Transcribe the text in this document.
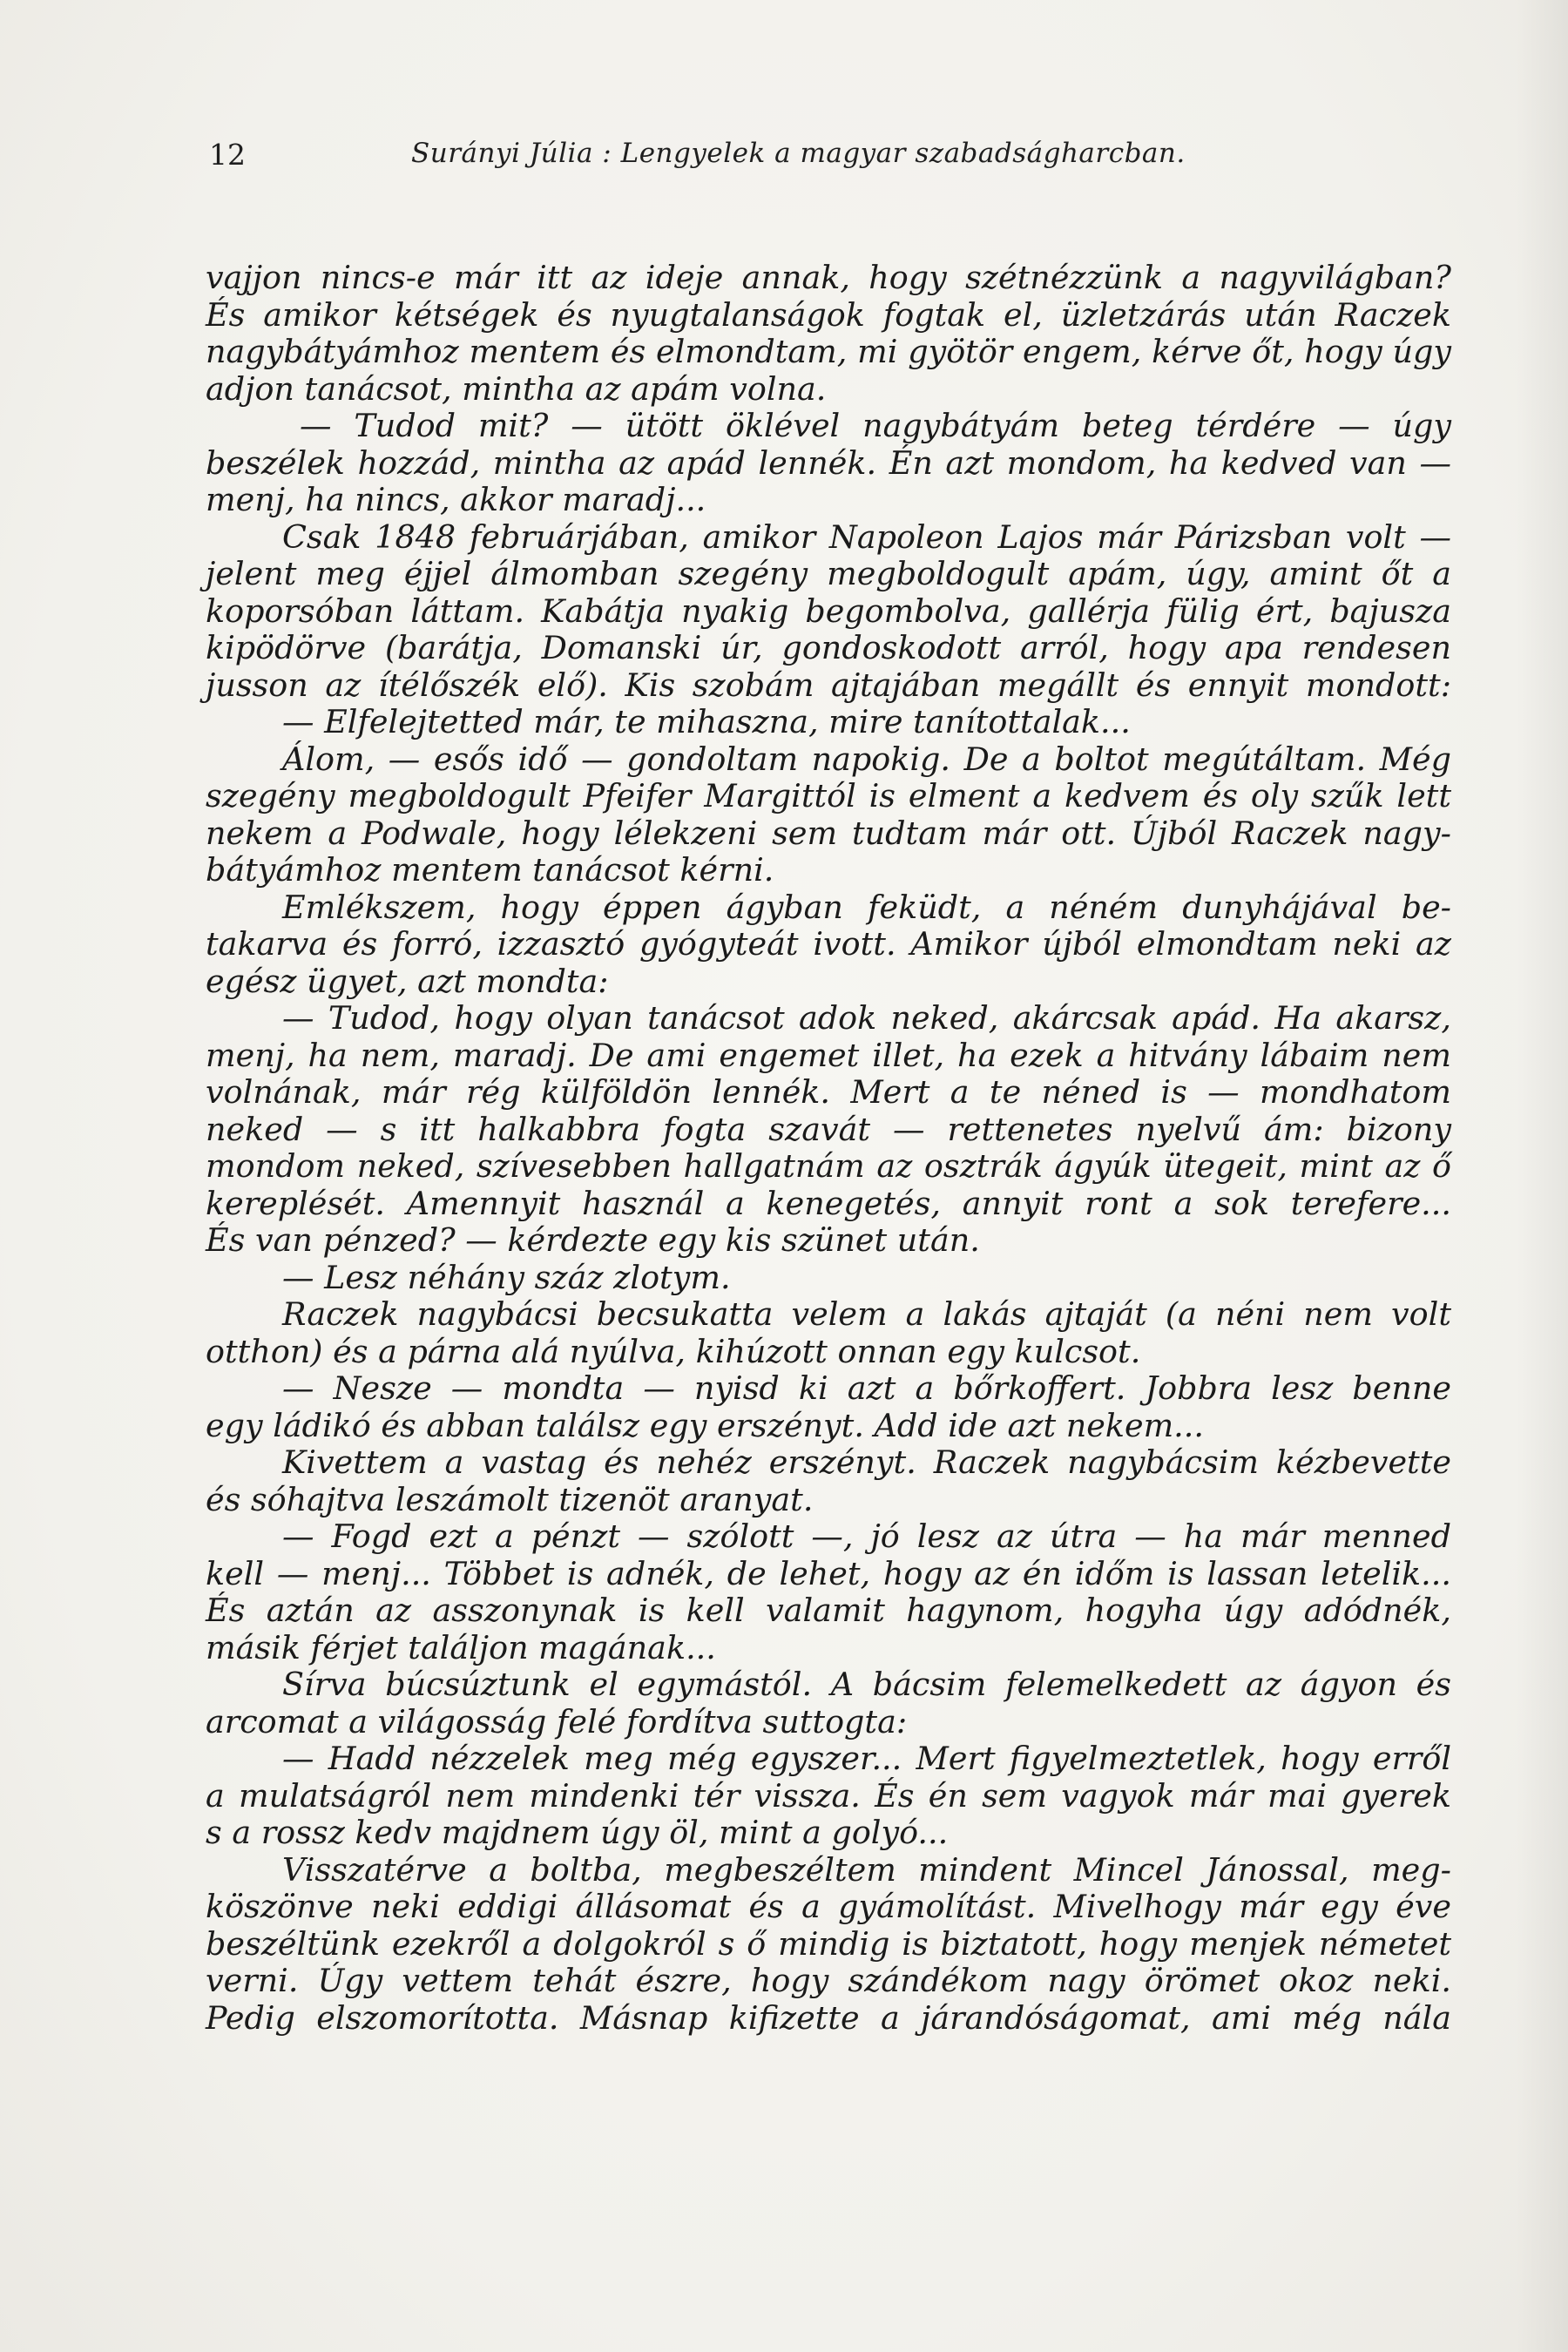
12	Surányi Júlia : Lengyelek a magyar szabadságharcban.
vajjon nincs-e már itt az ideje annak, hogy szétnézzünk a nagyvilágban?
És amikor kétségek és nyugtalanságok fogtak el, üzletzárás után Raczek
nagybátyámhoz mentem és elmondtam, mi gyötör engem, kérve őt, hogy úgy
adjon tanácsot, mintha az apám volna.
— Tudod mit? — ütött öklével nagybátyám beteg térdére — úgy
beszélek hozzád, mintha az apád lennék. Én azt mondom, ha kedved van —
menj, ha nincs, akkor maradj...
Csak 1848 februárjában, amikor Napoleon Lajos már Párizsban volt —
jelent meg éjjel álmomban szegény megboldogult apám, úgy, amint őt a
koporsóban láttam. Kabátja nyakig begombolva, gallérja fülig ért, bajusza
kipödörve (barátja, Domanski úr, gondoskodott arról, hogy apa rendesen
jusson az ítélőszék elő). Kis szobám ajtajában megállt és ennyit mondott:
— Elfelejtetted már, te mihaszna, mire tanítottalak...
Álom, — esős idő — gondoltam napokig. De a boltot megútáltam. Még
szegény megboldogult Pfeifer Margittól is elment a kedvem és oly szűk lett
nekem a Podwale, hogy lélekzeni sem tudtam már ott. Újból Raczek nagy-
bátyámhoz mentem tanácsot kérni.
Emlékszem, hogy éppen ágyban feküdt, a néném dunyhájával be-
takarva és forró, izzasztó gyógyteát ivott. Amikor újból elmondtam neki az
egész ügyet, azt mondta:
— Tudod, hogy olyan tanácsot adok neked, akárcsak apád. Ha akarsz,
menj, ha nem, maradj. De ami engemet illet, ha ezek a hitvány lábaim nem
volnának, már rég külföldön lennék. Mert a te néned is — mondhatom
neked — s itt halkabbra fogta szavát — rettenetes nyelvű ám: bizony
mondom neked, szívesebben hallgatnám az osztrák ágyúk ütegeit, mint az ő
kereplését. Amennyit használ a kenegetés, annyit ront a sok terefere...
És van pénzed? — kérdezte egy kis szünet után.
— Lesz néhány száz zlotym.
Raczek nagybácsi becsukatta velem a lakás ajtaját (a néni nem volt
otthon) és a párna alá nyúlva, kihúzott onnan egy kulcsot.
— Nesze — mondta — nyisd ki azt a bőrkoffert. Jobbra lesz benne
egy ládikó és abban találsz egy erszényt. Add ide azt nekem...
Kivettem a vastag és nehéz erszényt. Raczek nagybácsim kézbevette
és sóhajtva leszámolt tizenöt aranyat.
— Fogd ezt a pénzt — szólott —, jó lesz az útra — ha már menned
kell — menj... Többet is adnék, de lehet, hogy az én időm is lassan letelik...
És aztán az asszonynak is kell valamit hagynom, hogyha úgy adódnék,
másik férjet találjon magának...
Sírva búcsúztunk el egymástól. A bácsim felemelkedett az ágyon és
arcomat a világosság felé fordítva suttogta:
— Hadd nézzelek meg még egyszer... Mert figyelmeztetlek, hogy erről
a mulatságról nem mindenki tér vissza. És én sem vagyok már mai gyerek
s a rossz kedv majdnem úgy öl, mint a golyó...
Visszatérve a boltba, megbeszéltem mindent Mincel Jánossal, meg-
köszönve neki eddigi állásomat és a gyámolítást. Mivelhogy már egy éve
beszéltünk ezekről a dolgokról s ő mindig is biztatott, hogy menjek németet
verni. Úgy vettem tehát észre, hogy szándékom nagy örömet okoz neki.
Pedig elszomorította. Másnap kifizette a járandóságomat, ami még nála
